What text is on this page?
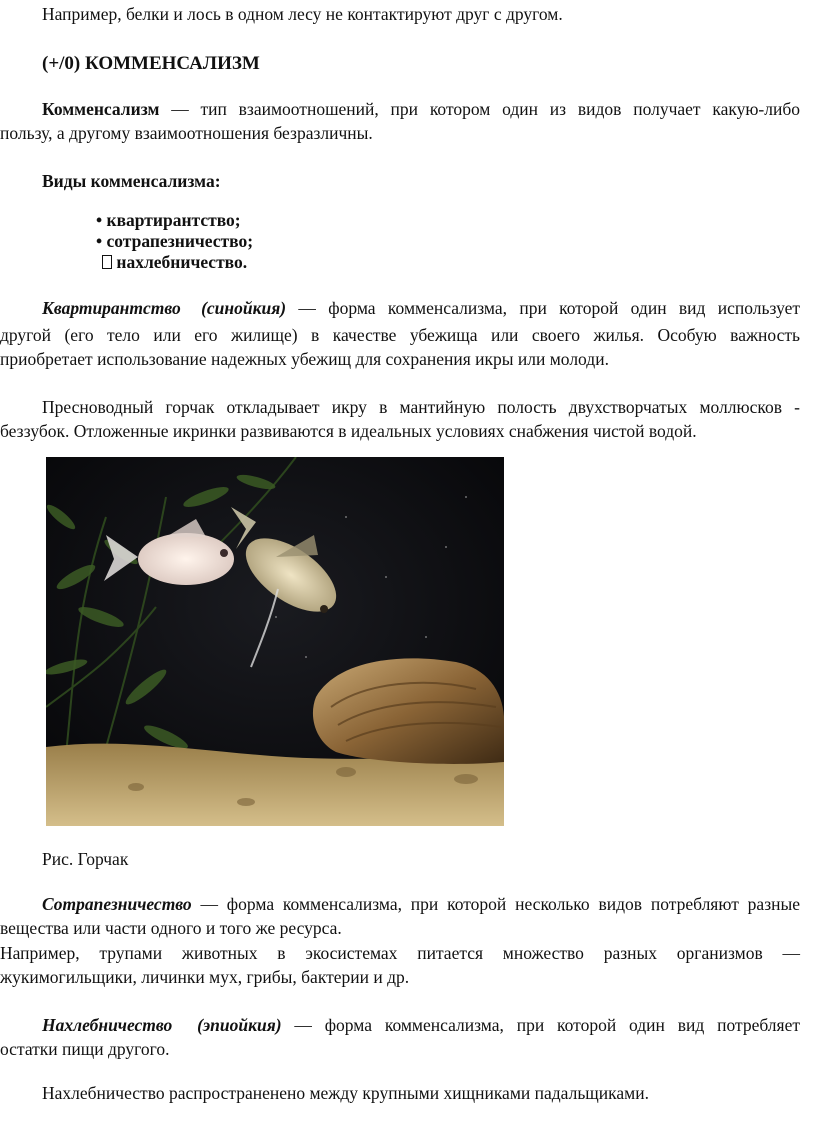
Например, белки и лось в одном лесу не контактируют друг с другом.
(+/0) КОММЕНСАЛИЗМ
Комменсализм — тип взаимоотношений, при котором один из видов получает какую-либо
пользу, а другому взаимоотношения безразличны.
Виды комменсализма:
• квартирантство;
• сотрапезничество;
нахлебничество.
Квартирантство (синойкия) — форма комменсализма, при которой один вид использует
другой (его тело или его жилище) в качестве убежища или своего жилья. Особую важность
приобретает использование надежных убежищ для сохранения икры или молоди.
Пресноводный горчак откладывает икру в мантийную полость двухстворчатых моллюсков -
беззубок. Отложенные икринки развиваются в идеальных условиях снабжения чистой водой.
Рис. Горчак
Сотрапезничество — форма комменсализма, при которой несколько видов потребляют разные
вещества или части одного и того же ресурса.
Например, трупами животных в экосистемах питается множество разных организмов —
жукимогильщики, личинки мух, грибы, бактерии и др.
Нахлебничество (эпиойкия) — форма комменсализма, при которой один вид потребляет
остатки пищи другого.
Нахлебничество распространенено между крупными хищниками падальщиками.
